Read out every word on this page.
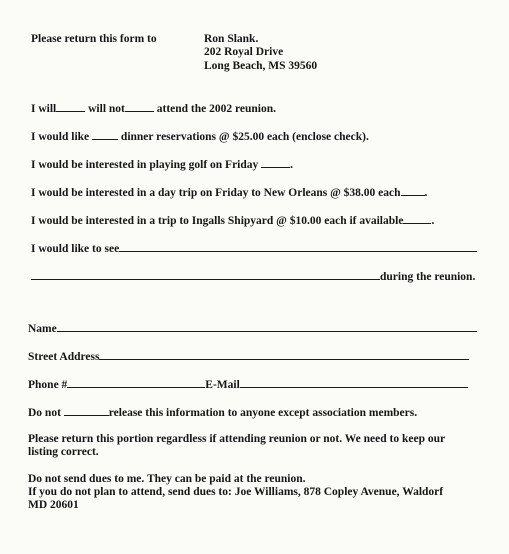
Please return this form to	Ron Slank.
202 Royal Drive
Long Beach, MS 39560
I will	will not	attend the 2002 reunion.
I would like	dinner reservations @ $25.00 each (enclose check).
I would be interested in playing golf on Friday	.
I would be interested in a day trip on Friday to New Orleans @ $38.00 each .
I would be interested in a trip to Ingalls Shipyard @ $10.00 each if available .
I would like to see
during the reunion.
Name
Street Address
Phone #	E-Mail
Do not	release this information to anyone except association members.
Please return this portion regardless if attending reunion or not. We need to keep our
listing correct.
Do not send dues to me. They can be paid at the reunion.
If you do not plan to attend, send dues to: Joe Williams, 878 Copley Avenue, Waldorf
MD 20601
